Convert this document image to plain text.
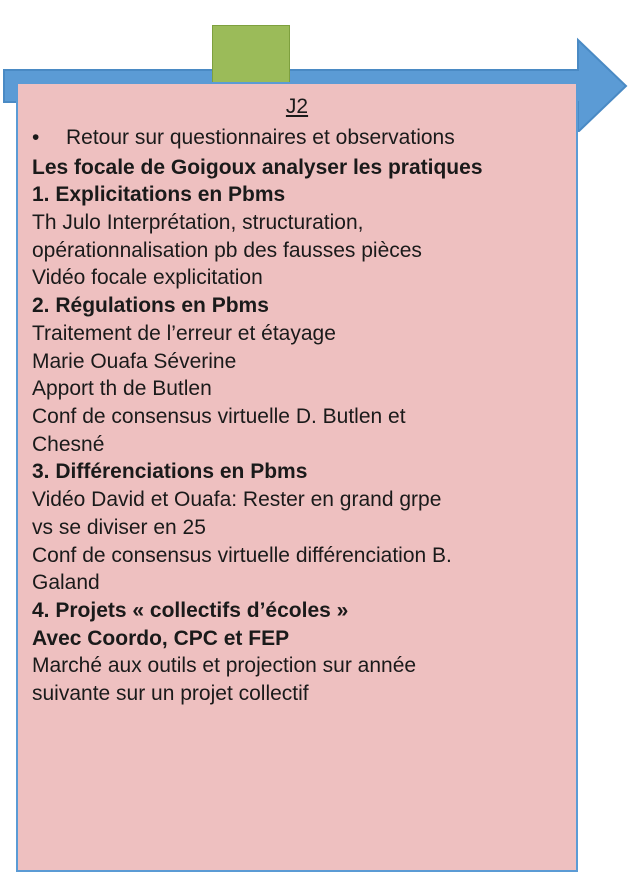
J2
•	Retour sur questionnaires et observations

Les focale de Goigoux analyser les pratiques

1. Explicitations en Pbms

Th Julo Interprétation, structuration,

opérationnalisation pb des fausses pièces

Vidéo focale explicitation

2. Régulations en Pbms

Traitement de l’erreur et étayage

Marie Ouafa Séverine

Apport th de Butlen

Conf de consensus virtuelle D. Butlen et

Chesné

3. Différenciations en Pbms

Vidéo David et Ouafa: Rester en grand grpe

vs se diviser en 25

Conf de consensus virtuelle différenciation B.

Galand

4. Projets « collectifs d’écoles »

Avec Coordo, CPC et FEP

Marché aux outils et projection sur année

suivante sur un projet collectif
